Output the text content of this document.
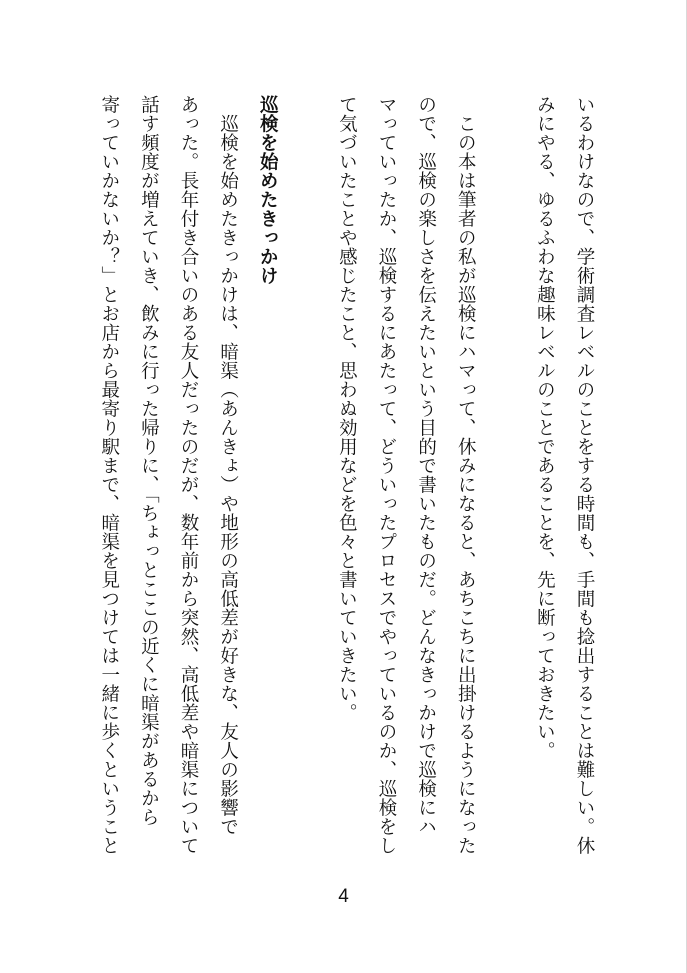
いるわけなので、学術調査レベルのことをする時間も、手間も捻出することは難しい。休
みにやる、ゆるふわな趣味レベルのことであることを、先に断っておきたい。
この本は筆者の私が巡検にハマって、休みになると、あちこちに出掛けるようになった
ので、巡検の楽しさを伝えたいという目的で書いたものだ。どんなきっかけで巡検にハ
マっていったか、巡検するにあたって、どういったプロセスでやっているのか、巡検をし
て気づいたことや感じたこと、思わぬ効用などを色々と書いていきたい。
巡検を始めたきっかけ
巡検を始めたきっかけは、暗渠（あんきょ）や地形の高低差が好きな、友人の影響で
あった。長年付き合いのある友人だったのだが、数年前から突然、高低差や暗渠について
話す頻度が増えていき、飲みに行った帰りに、「ちょっとここの近くに暗渠があるから
寄っていかないか？」とお店から最寄り駅まで、暗渠を見つけては一緒に歩くということ
4
